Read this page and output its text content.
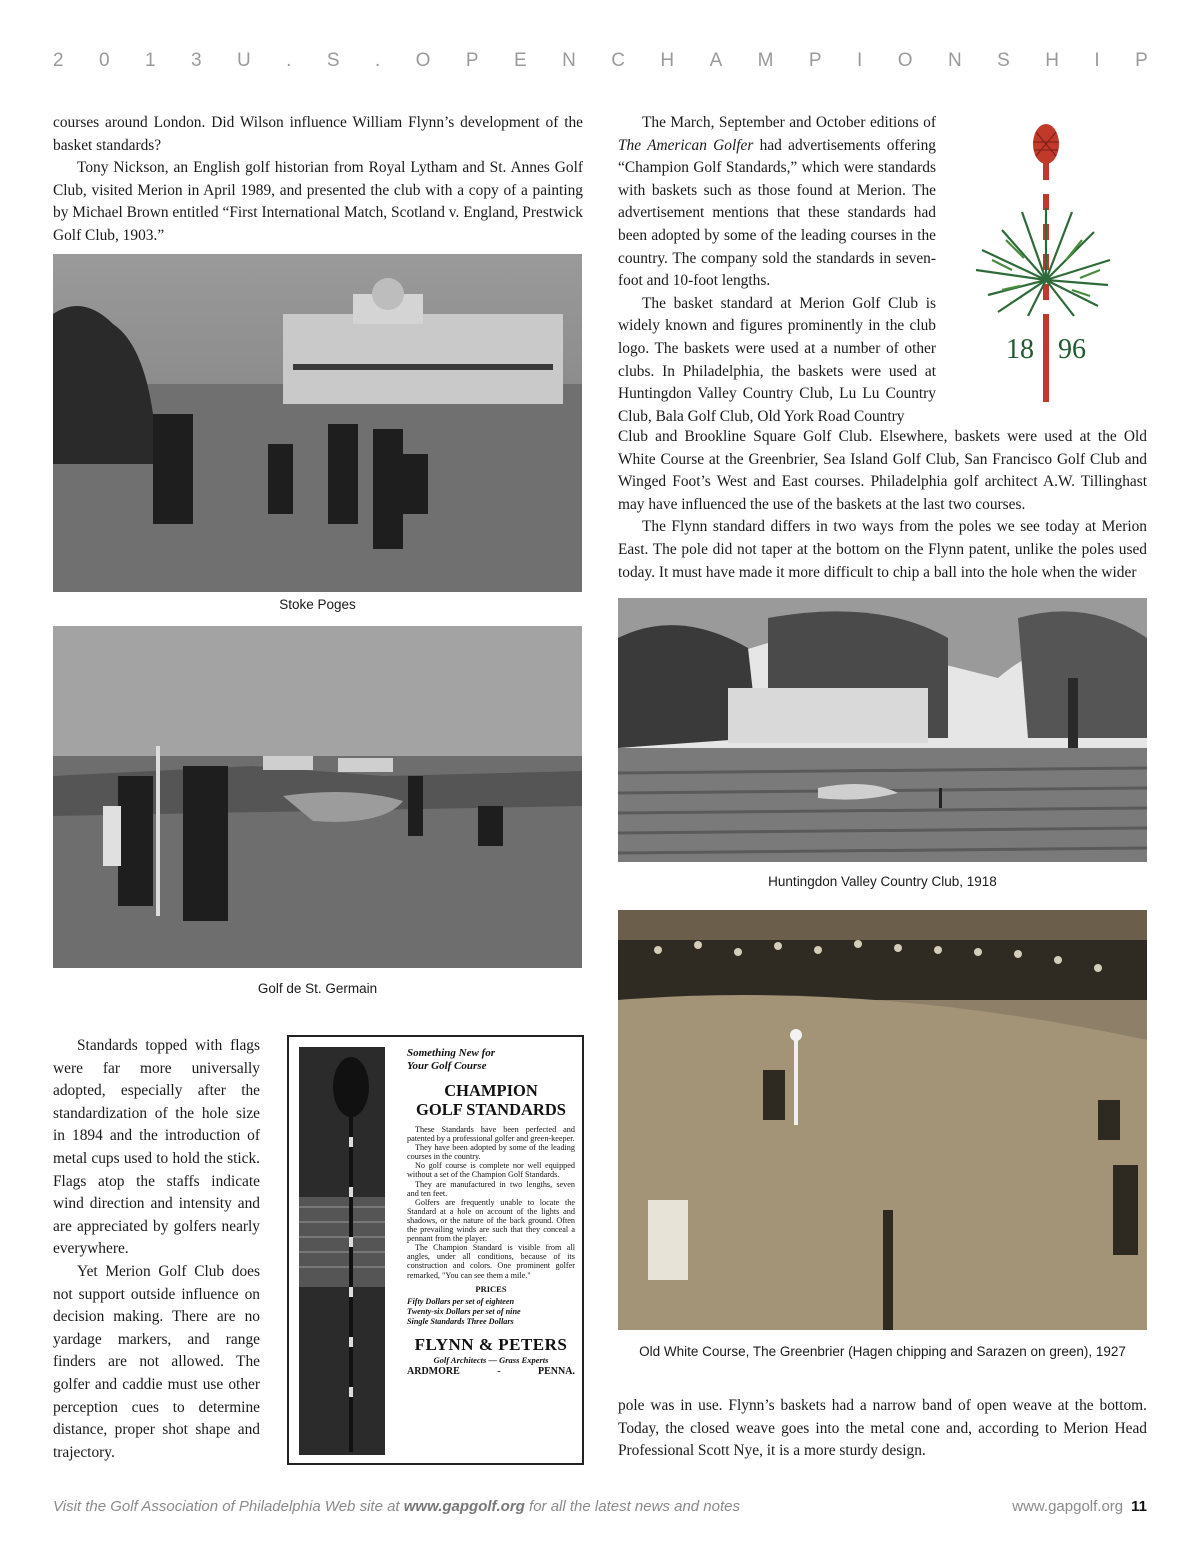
2 0 1 3 U . S . O P E N C H A M P I O N S H I P

courses around London. Did Wilson influence William Flynn’s development of the basket standards?

Tony Nickson, an English golf historian from Royal Lytham and St. Annes Golf Club, visited Merion in April 1989, and presented the club with a copy of a painting by Michael Brown entitled “First International Match, Scotland v. England, Prestwick Golf Club, 1903.”

The March, September and October editions of The American Golfer had advertisements offering “Champion Golf Standards,” which were standards with baskets such as those found at Merion. The advertisement mentions that these standards had been adopted by some of the leading courses in the country. The company sold the standards in seven-foot and 10-foot lengths.

The basket standard at Merion Golf Club is widely known and figures prominently in the club logo. The baskets were used at a number of other clubs. In Philadelphia, the baskets were used at Huntingdon Valley Country Club, Lu Lu Country Club, Bala Golf Club, Old York Road Country

Club and Brookline Square Golf Club. Elsewhere, baskets were used at the Old White Course at the Greenbrier, Sea Island Golf Club, San Francisco Golf Club and Winged Foot’s West and East courses. Philadelphia golf architect A.W. Tillinghast may have influenced the use of the baskets at the last two courses.

The Flynn standard differs in two ways from the poles we see today at Merion East. The pole did not taper at the bottom on the Flynn patent, unlike the poles used today. It must have made it more difficult to chip a ball into the hole when the wider

18 96
Stoke Poges
Golf de St. Germain
Huntingdon Valley Country Club, 1918
Old White Course, The Greenbrier (Hagen chipping and Sarazen on green), 1927

Standards topped with flags were far more universally adopted, especially after the standardization of the hole size in 1894 and the introduction of metal cups used to hold the stick. Flags atop the staffs indicate wind direction and intensity and are appreciated by golfers nearly everywhere.

Yet Merion Golf Club does not support outside influence on decision making. There are no yardage markers, and range finders are not allowed. The golfer and caddie must use other perception cues to determine distance, proper shot shape and trajectory.

Something New for
Your Golf Course
CHAMPION
GOLF STANDARDS

These Standards have been perfected and patented by a professional golfer and green-keeper.

They have been adopted by some of the leading courses in the country.

No golf course is complete nor well equipped without a set of the Champion Golf Standards.

They are manufactured in two lengths, seven and ten feet.

Golfers are frequently unable to locate the Standard at a hole on account of the lights and shadows, or the nature of the back ground. Often the prevailing winds are such that they conceal a pennant from the player.

The Champion Standard is visible from all angles, under all conditions, because of its construction and colors. One prominent golfer remarked, "You can see them a mile."

PRICES
Fifty Dollars per set of eighteen
Twenty-six Dollars per set of nine
Single Standards Three Dollars
FLYNN & PETERS
Golf Architects — Grass Experts
ARDMORE	-	PENNA.

pole was in use. Flynn’s baskets had a narrow band of open weave at the bottom. Today, the closed weave goes into the metal cone and, according to Merion Head Professional Scott Nye, it is a more sturdy design.

Visit the Golf Association of Philadelphia Web site at www.gapgolf.org for all the latest news and notes	www.gapgolf.org 11
